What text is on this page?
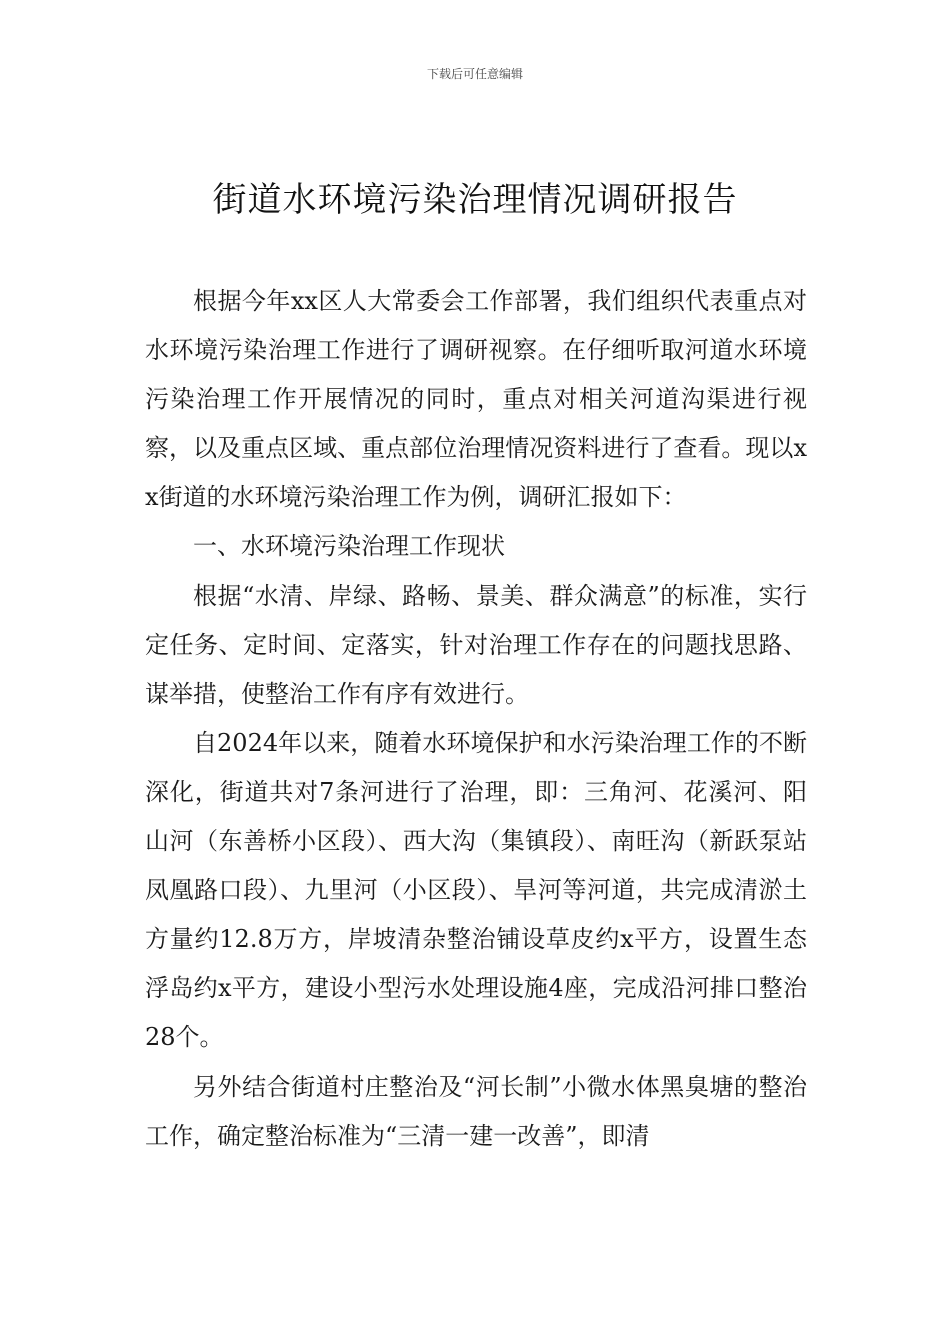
下载后可任意编辑
街道水环境污染治理情况调研报告

根据今年xx区人大常委会工作部署，我们组织代表重点对水环境污染治理工作进行了调研视察。在仔细听取河道水环境污染治理工作开展情况的同时，重点对相关河道沟渠进行视察，以及重点区域、重点部位治理情况资料进行了查看。现以xx街道的水环境污染治理工作为例，调研汇报如下：

一、水环境污染治理工作现状

根据“水清、岸绿、路畅、景美、群众满意”的标准，实行定任务、定时间、定落实，针对治理工作存在的问题找思路、谋举措，使整治工作有序有效进行。

自2024年以来，随着水环境保护和水污染治理工作的不断深化，街道共对7条河进行了治理，即：三角河、花溪河、阳山河（东善桥小区段）、西大沟（集镇段）、南旺沟（新跃泵站凤凰路口段）、九里河（小区段）、旱河等河道，共完成清淤土方量约12.8万方，岸坡清杂整治铺设草皮约x平方，设置生态浮岛约x平方，建设小型污水处理设施4座，完成沿河排口整治28个。

另外结合街道村庄整治及“河长制”小微水体黑臭塘的整治工作，确定整治标准为“三清一建一改善”，即清
